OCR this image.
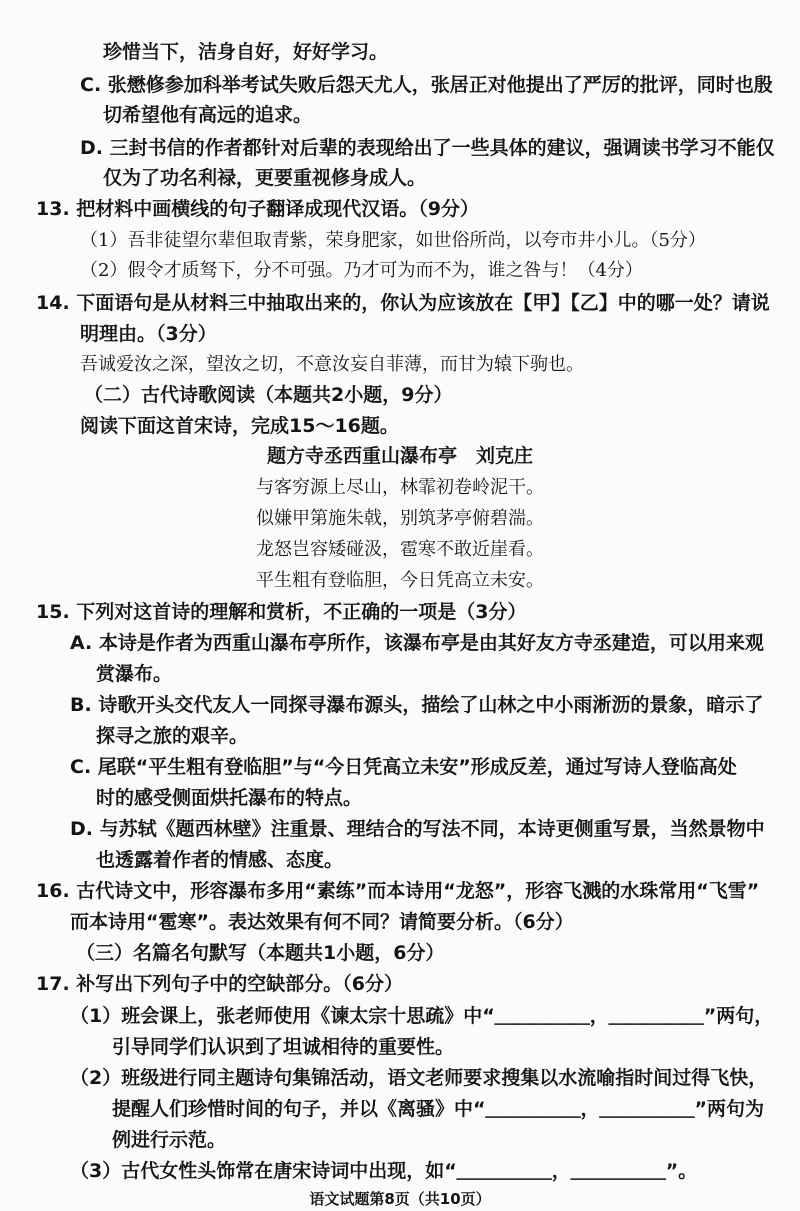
珍惜当下，洁身自好，好好学习。
C. 张懋修参加科举考试失败后怨天尤人，张居正对他提出了严厉的批评，同时也殷
切希望他有高远的追求。
D. 三封书信的作者都针对后辈的表现给出了一些具体的建议，强调读书学习不能仅
仅为了功名利禄，更要重视修身成人。
13. 把材料中画横线的句子翻译成现代汉语。（9分）
（1）吾非徒望尔辈但取青紫，荣身肥家，如世俗所尚，以夸市井小儿。（5分）
（2）假令才质驽下，分不可强。乃才可为而不为，谁之咎与！（4分）
14. 下面语句是从材料三中抽取出来的，你认为应该放在【甲】【乙】中的哪一处？请说
明理由。（3分）
吾诚爱汝之深，望汝之切，不意汝妄自菲薄，而甘为辕下驹也。
（二）古代诗歌阅读（本题共2小题，9分）
阅读下面这首宋诗，完成15～16题。
题方寺丞西重山瀑布亭　刘克庄
与客穷源上尽山，林霏初卷岭泥干。
似嫌甲第施朱戟，别筑茅亭俯碧湍。
龙怒岂容矮碰汲，雹寒不敢近崖看。
平生粗有登临胆，今日凭高立未安。
15. 下列对这首诗的理解和赏析，不正确的一项是（3分）
A. 本诗是作者为西重山瀑布亭所作，该瀑布亭是由其好友方寺丞建造，可以用来观
赏瀑布。
B. 诗歌开头交代友人一同探寻瀑布源头，描绘了山林之中小雨淅沥的景象，暗示了
探寻之旅的艰辛。
C. 尾联“平生粗有登临胆”与“今日凭高立未安”形成反差，通过写诗人登临高处
时的感受侧面烘托瀑布的特点。
D. 与苏轼《题西林壁》注重景、理结合的写法不同，本诗更侧重写景，当然景物中
也透露着作者的情感、态度。
16. 古代诗文中，形容瀑布多用“素练”而本诗用“龙怒”，形容飞溅的水珠常用“飞雪”
而本诗用“雹寒”。表达效果有何不同？请简要分析。（6分）
（三）名篇名句默写（本题共1小题，6分）
17. 补写出下列句子中的空缺部分。（6分）
（1）班会课上，张老师使用《谏太宗十思疏》中“＿＿＿＿＿，＿＿＿＿＿”两句，
引导同学们认识到了坦诚相待的重要性。
（2）班级进行同主题诗句集锦活动，语文老师要求搜集以水流喻指时间过得飞快，
提醒人们珍惜时间的句子，并以《离骚》中“＿＿＿＿＿，＿＿＿＿＿”两句为
例进行示范。
（3）古代女性头饰常在唐宋诗词中出现，如“＿＿＿＿＿，＿＿＿＿＿”。
语文试题第8页（共10页）
